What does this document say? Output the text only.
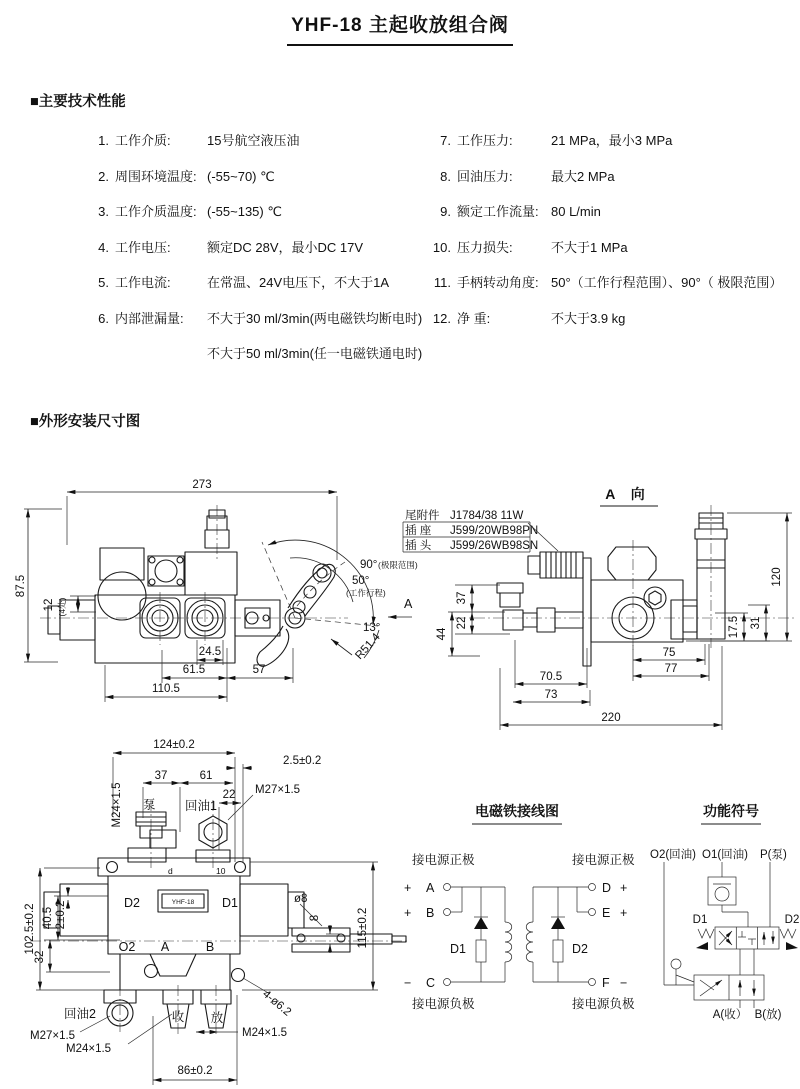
YHF-18 主起收放组合阀
■主要技术性能
1. 工作介质:	15号航空液压油
2. 周围环境温度: (-55~70) ℃
3. 工作介质温度: (-55~135) ℃
4. 工作电压:	额定DC 28V，最小DC 17V
5. 工作电流:	在常温、24V电压下，不大于1A
6. 内部泄漏量:	不大于30 ml/3min(两电磁铁均断电时)
不大于50 ml/3min(任一电磁铁通电时)
7. 工作压力:	21 MPa，最小3 MPa
8. 回油压力:	最大2 MPa
9. 额定工作流量: 80 L/min
10. 压力损失:	不大于1 MPa
11. 手柄转动角度: 50°（工作行程范围）、90°（ 极限范围）
12. 净 重:	不大于3.9 kg
■外形安装尺寸图
273
87.5
12 (4处)
24.5
61.5	57
110.5
90° (极限范围)
50°
(工作行程)
13°
R51.4
A
A 向
尾附件 J1784/38 11W
插 座 J599/20WB98PN
插 头 J599/26WB98SN
120
37
22
44	17.5 31
75
77
70.5
73
220
124±0.2
2.5±0.2
M24×1.5
37	61
22 M27×1.5
泵 回油1
d	10
D2	D1
YHF-18
102.5±0.2 40.5 2±0.2
32
O2 A	B
回油2	收 放
M27×1.5
M24×1.5
M24×1.5
86±0.2
ø8
8	115±0.2
4-ø6.2
电磁铁接线图
接电源正极
+ A
+ B
− C
接电源负极
D1
接电源正极
D +
E +
F −
接电源负极
D2
功能符号
O2(回油) O1(回油) P(泵)
D1	D2
A(收） B(放)
